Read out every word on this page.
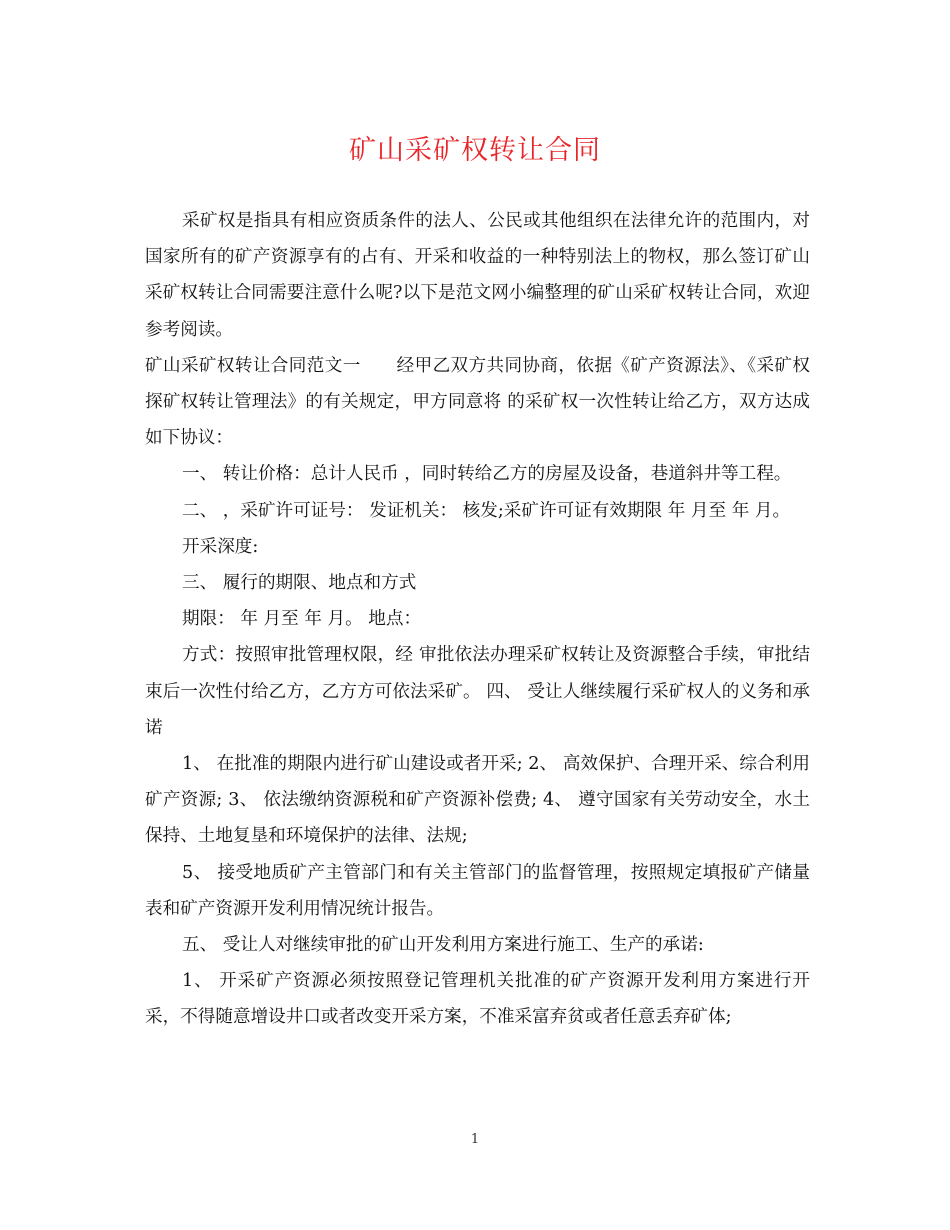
矿山采矿权转让合同

采矿权是指具有相应资质条件的法人、公民或其他组织在法律允许的范围内，对国家所有的矿产资源享有的占有、开采和收益的一种特别法上的物权，那么签订矿山采矿权转让合同需要注意什么呢?以下是范文网小编整理的矿山采矿权转让合同，欢迎参考阅读。

矿山采矿权转让合同范文一　　经甲乙双方共同协商，依据《矿产资源法》、《采矿权探矿权转让管理法》的有关规定，甲方同意将 的采矿权一次性转让给乙方，双方达成如下协议：

一、 转让价格：总计人民币 ，同时转给乙方的房屋及设备，巷道斜井等工程。

二、 ，采矿许可证号： 发证机关： 核发;采矿许可证有效期限 年 月至 年 月。

开采深度:

三、 履行的期限、地点和方式

期限： 年 月至 年 月。 地点：

方式：按照审批管理权限，经 审批依法办理采矿权转让及资源整合手续，审批结束后一次性付给乙方，乙方方可依法采矿。 四、 受让人继续履行采矿权人的义务和承诺

1、 在批准的期限内进行矿山建设或者开采; 2、 高效保护、合理开采、综合利用矿产资源; 3、 依法缴纳资源税和矿产资源补偿费; 4、 遵守国家有关劳动安全，水土保持、土地复垦和环境保护的法律、法规;

5、 接受地质矿产主管部门和有关主管部门的监督管理，按照规定填报矿产储量表和矿产资源开发利用情况统计报告。

五、 受让人对继续审批的矿山开发利用方案进行施工、生产的承诺:

1、 开采矿产资源必须按照登记管理机关批准的矿产资源开发利用方案进行开采，不得随意增设井口或者改变开采方案，不准采富弃贫或者任意丢弃矿体;

1
